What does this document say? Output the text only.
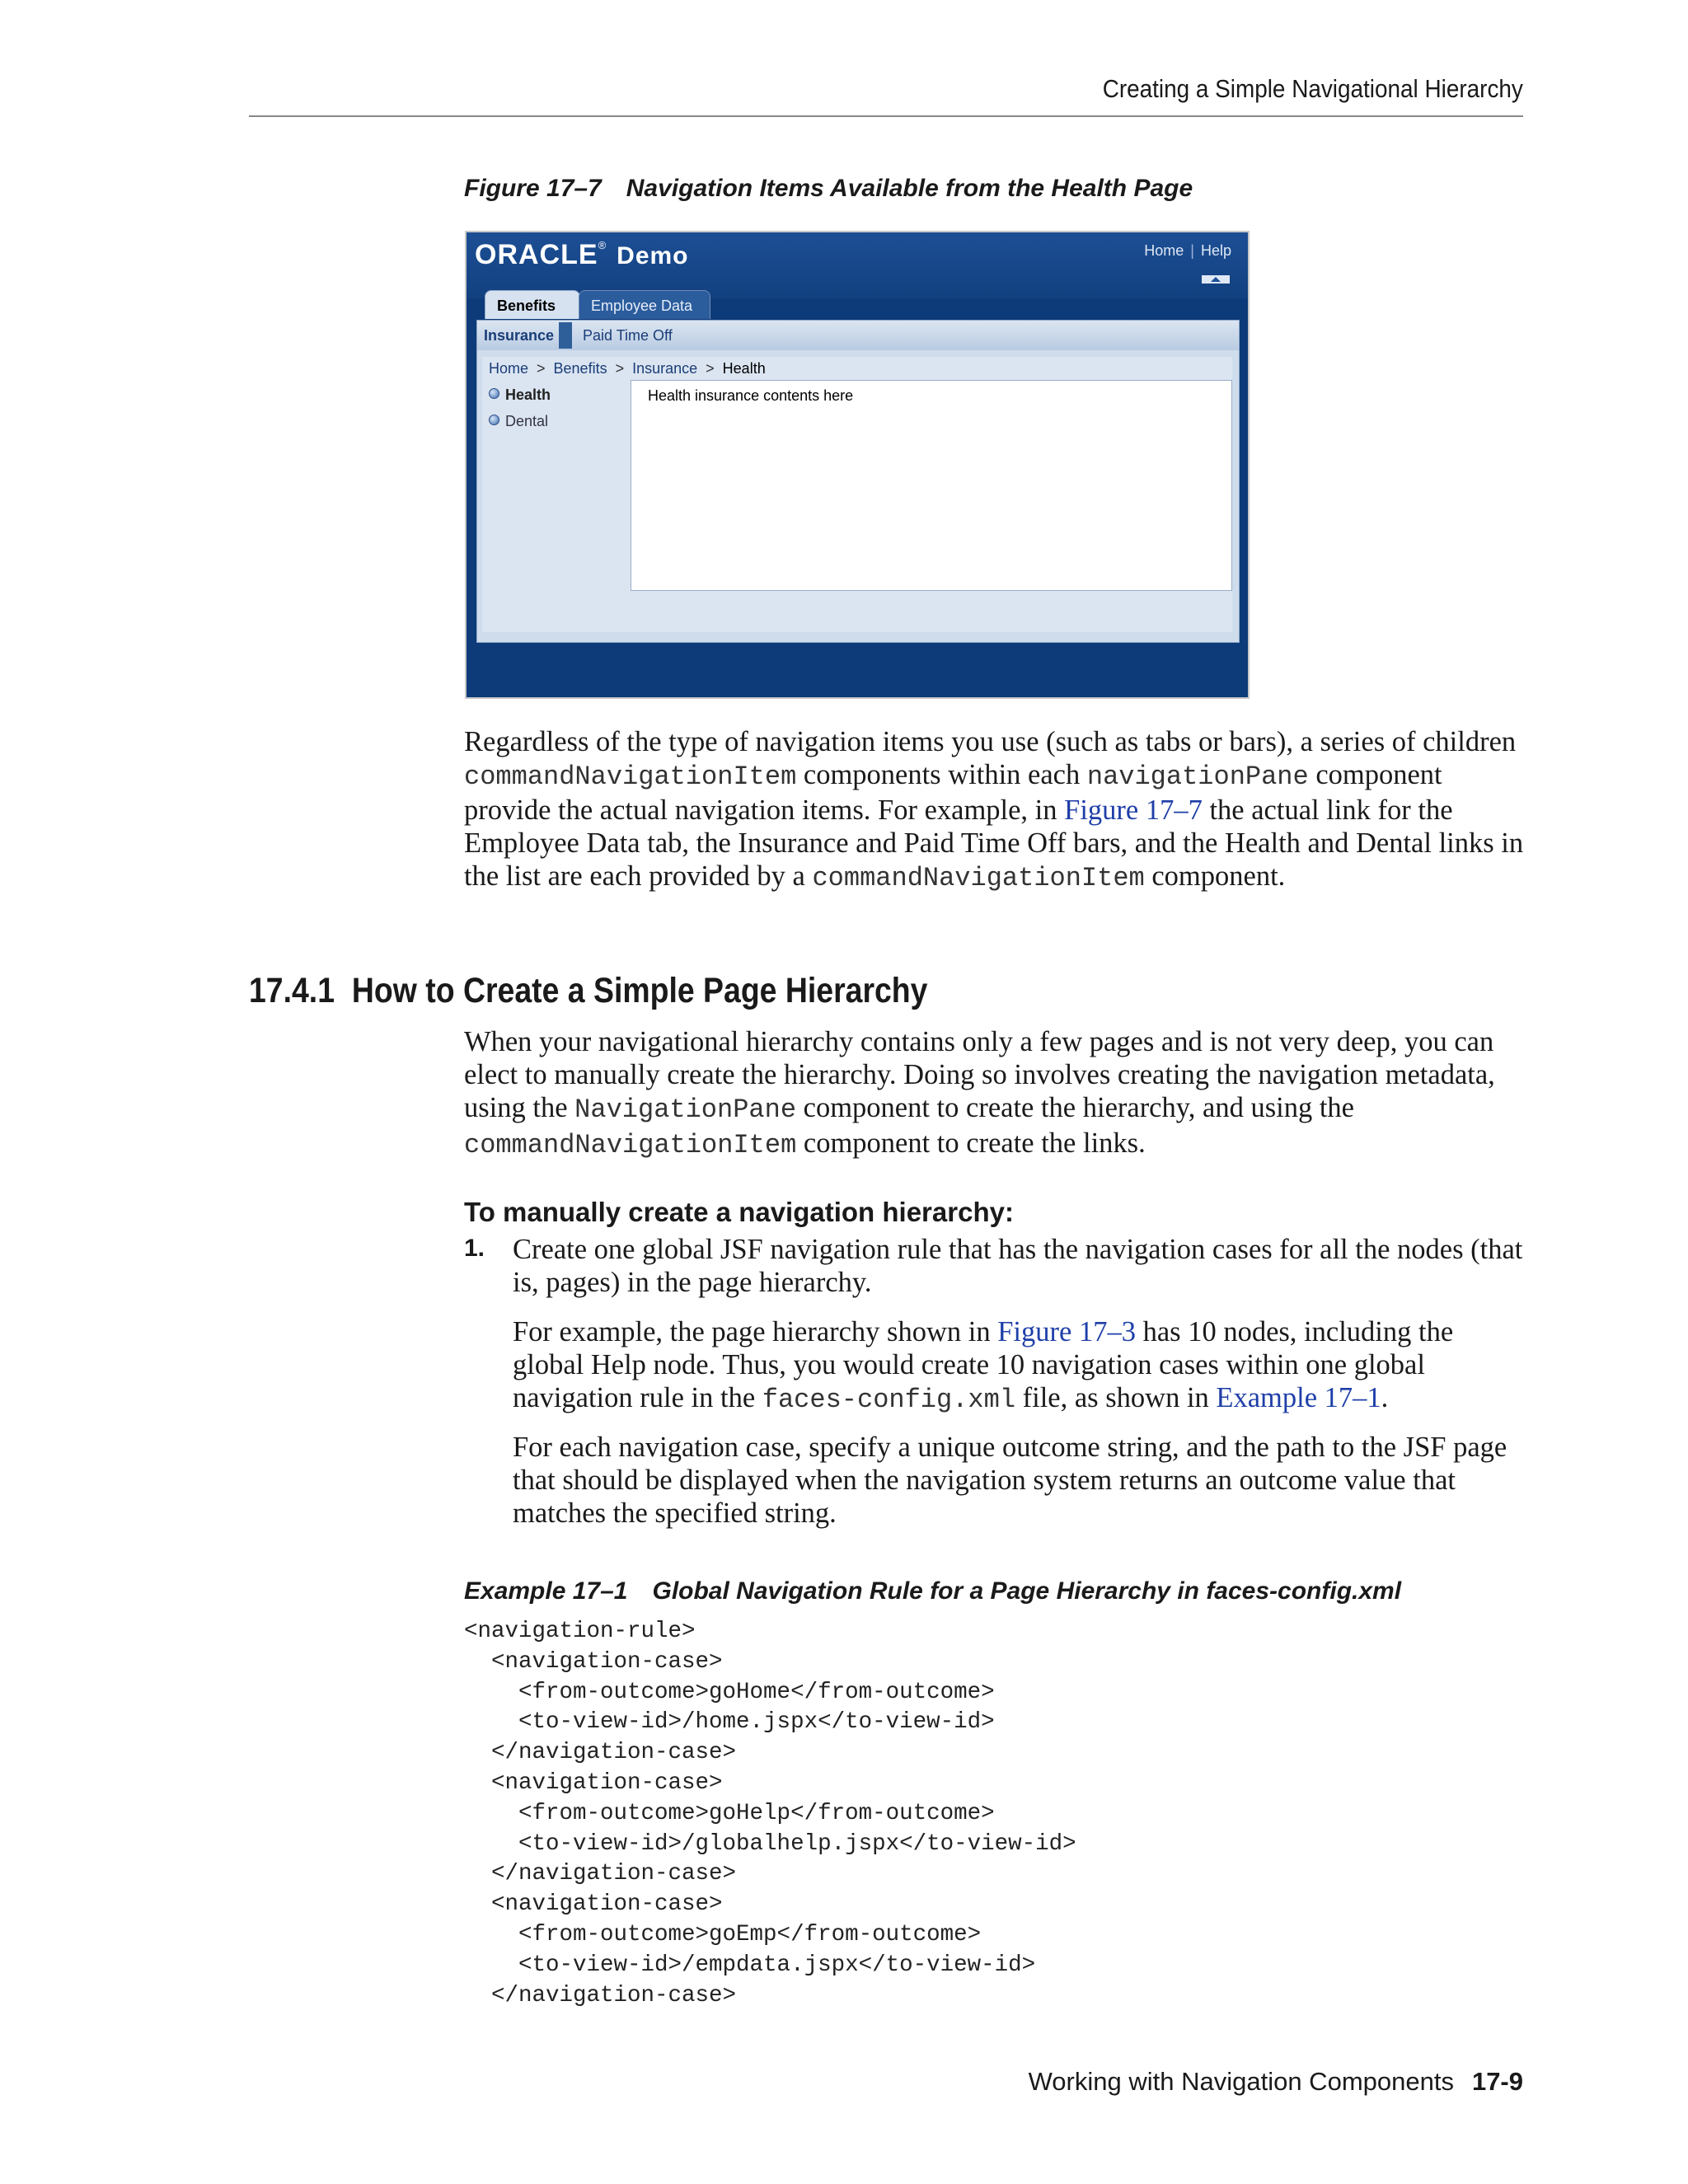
Creating a Simple Navigational Hierarchy
Figure 17–7 Navigation Items Available from the Health Page
ORACLE® Demo	Home | Help
Benefits	Employee Data
Insurance	Paid Time Off
Home > Benefits > Insurance > Health
Health
Dental
Health insurance contents here
Regardless of the type of navigation items you use (such as tabs or bars), a series of children commandNavigationItem components within each navigationPane component provide the actual navigation items. For example, in Figure 17–7 the actual link for the Employee Data tab, the Insurance and Paid Time Off bars, and the Health and Dental links in the list are each provided by a commandNavigationItem component.
17.4.1 How to Create a Simple Page Hierarchy
When your navigational hierarchy contains only a few pages and is not very deep, you can elect to manually create the hierarchy. Doing so involves creating the navigation metadata, using the NavigationPane component to create the hierarchy, and using the commandNavigationItem component to create the links.
To manually create a navigation hierarchy:
1. Create one global JSF navigation rule that has the navigation cases for all the nodes (that is, pages) in the page hierarchy.
For example, the page hierarchy shown in Figure 17–3 has 10 nodes, including the global Help node. Thus, you would create 10 navigation cases within one global navigation rule in the faces-config.xml file, as shown in Example 17–1.
For each navigation case, specify a unique outcome string, and the path to the JSF page that should be displayed when the navigation system returns an outcome value that matches the specified string.
Example 17–1 Global Navigation Rule for a Page Hierarchy in faces-config.xml
<navigation-rule>
<navigation-case>
<from-outcome>goHome</from-outcome>
<to-view-id>/home.jspx</to-view-id>
</navigation-case>
<navigation-case>
<from-outcome>goHelp</from-outcome>
<to-view-id>/globalhelp.jspx</to-view-id>
</navigation-case>
<navigation-case>
<from-outcome>goEmp</from-outcome>
<to-view-id>/empdata.jspx</to-view-id>
</navigation-case>
Working with Navigation Components 17-9
